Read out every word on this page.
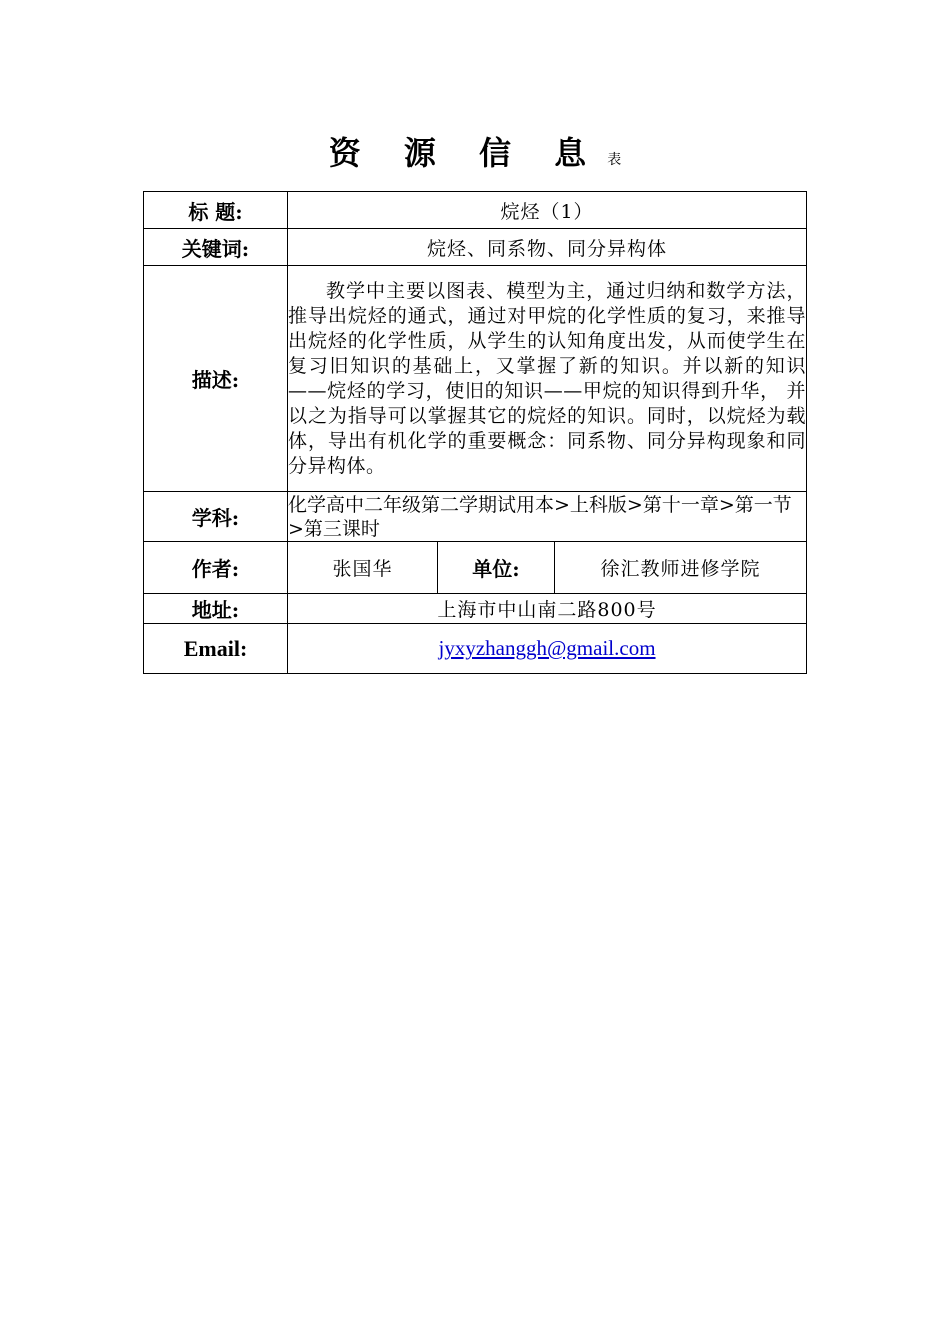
资 源 信 息 表
标 题:	烷烃（1）		
关键词:	烷烃、同系物、同分异构体		
描述:	教学中主要以图表、模型为主，通过归纳和数学方法，推导出烷烃的通式，通过对甲烷的化学性质的复习，来推导出烷烃的化学性质，从学生的认知角度出发，从而使学生在复习旧知识的基础上，又掌握了新的知识。并以新的知识——烷烃的学习，使旧的知识——甲烷的知识得到升华， 并以之为指导可以掌握其它的烷烃的知识。同时，以烷烃为载体，导出有机化学的重要概念：同系物、同分异构现象和同分异构体。		
学科:	化学高中二年级第二学期试用本>上科版>第十一章>第一节>第三课时		
作者:	张国华	单位:	徐汇教师进修学院
地址:	上海市中山南二路800号		
Email:	jyxyzhanggh@gmail.com		
